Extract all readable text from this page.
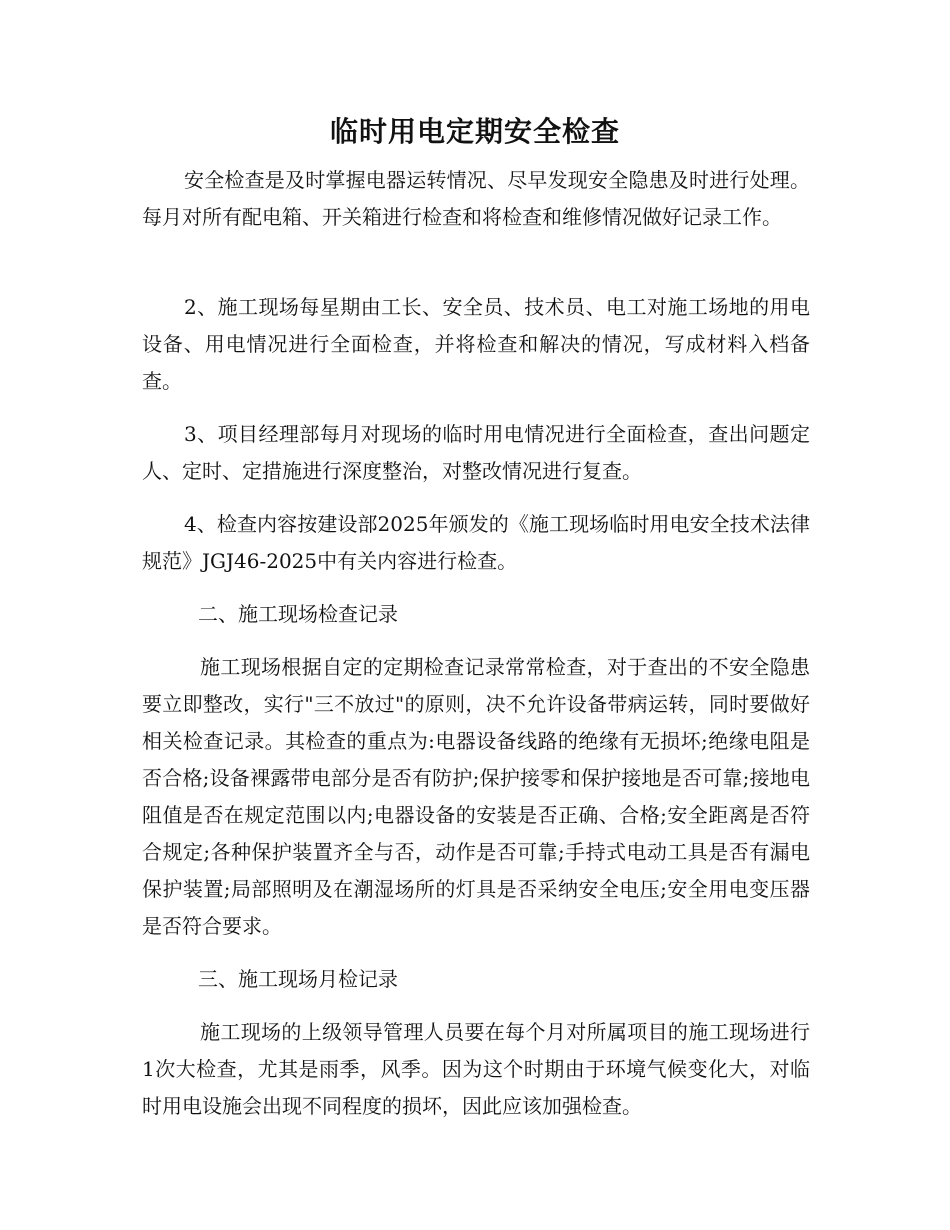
临时用电定期安全检查

安全检查是及时掌握电器运转情况、尽早发现安全隐患及时进行处理。每月对所有配电箱、开关箱进行检查和将检查和维修情况做好记录工作。

2、施工现场每星期由工长、安全员、技术员、电工对施工场地的用电设备、用电情况进行全面检查，并将检查和解决的情况，写成材料入档备查。

3、项目经理部每月对现场的临时用电情况进行全面检查，查出问题定人、定时、定措施进行深度整治，对整改情况进行复查。

4、检查内容按建设部2025年颁发的《施工现场临时用电安全技术法律规范》JGJ46-2025中有关内容进行检查。

二、施工现场检查记录

施工现场根据自定的定期检查记录常常检查，对于查出的不安全隐患要立即整改，实行"三不放过"的原则，决不允许设备带病运转，同时要做好相关检查记录。其检查的重点为:电器设备线路的绝缘有无损坏;绝缘电阻是否合格;设备裸露带电部分是否有防护;保护接零和保护接地是否可靠;接地电阻值是否在规定范围以内;电器设备的安装是否正确、合格;安全距离是否符合规定;各种保护装置齐全与否，动作是否可靠;手持式电动工具是否有漏电保护装置;局部照明及在潮湿场所的灯具是否采纳安全电压;安全用电变压器是否符合要求。

三、施工现场月检记录

施工现场的上级领导管理人员要在每个月对所属项目的施工现场进行1次大检查，尤其是雨季，风季。因为这个时期由于环境气候变化大，对临时用电设施会出现不同程度的损坏，因此应该加强检查。
